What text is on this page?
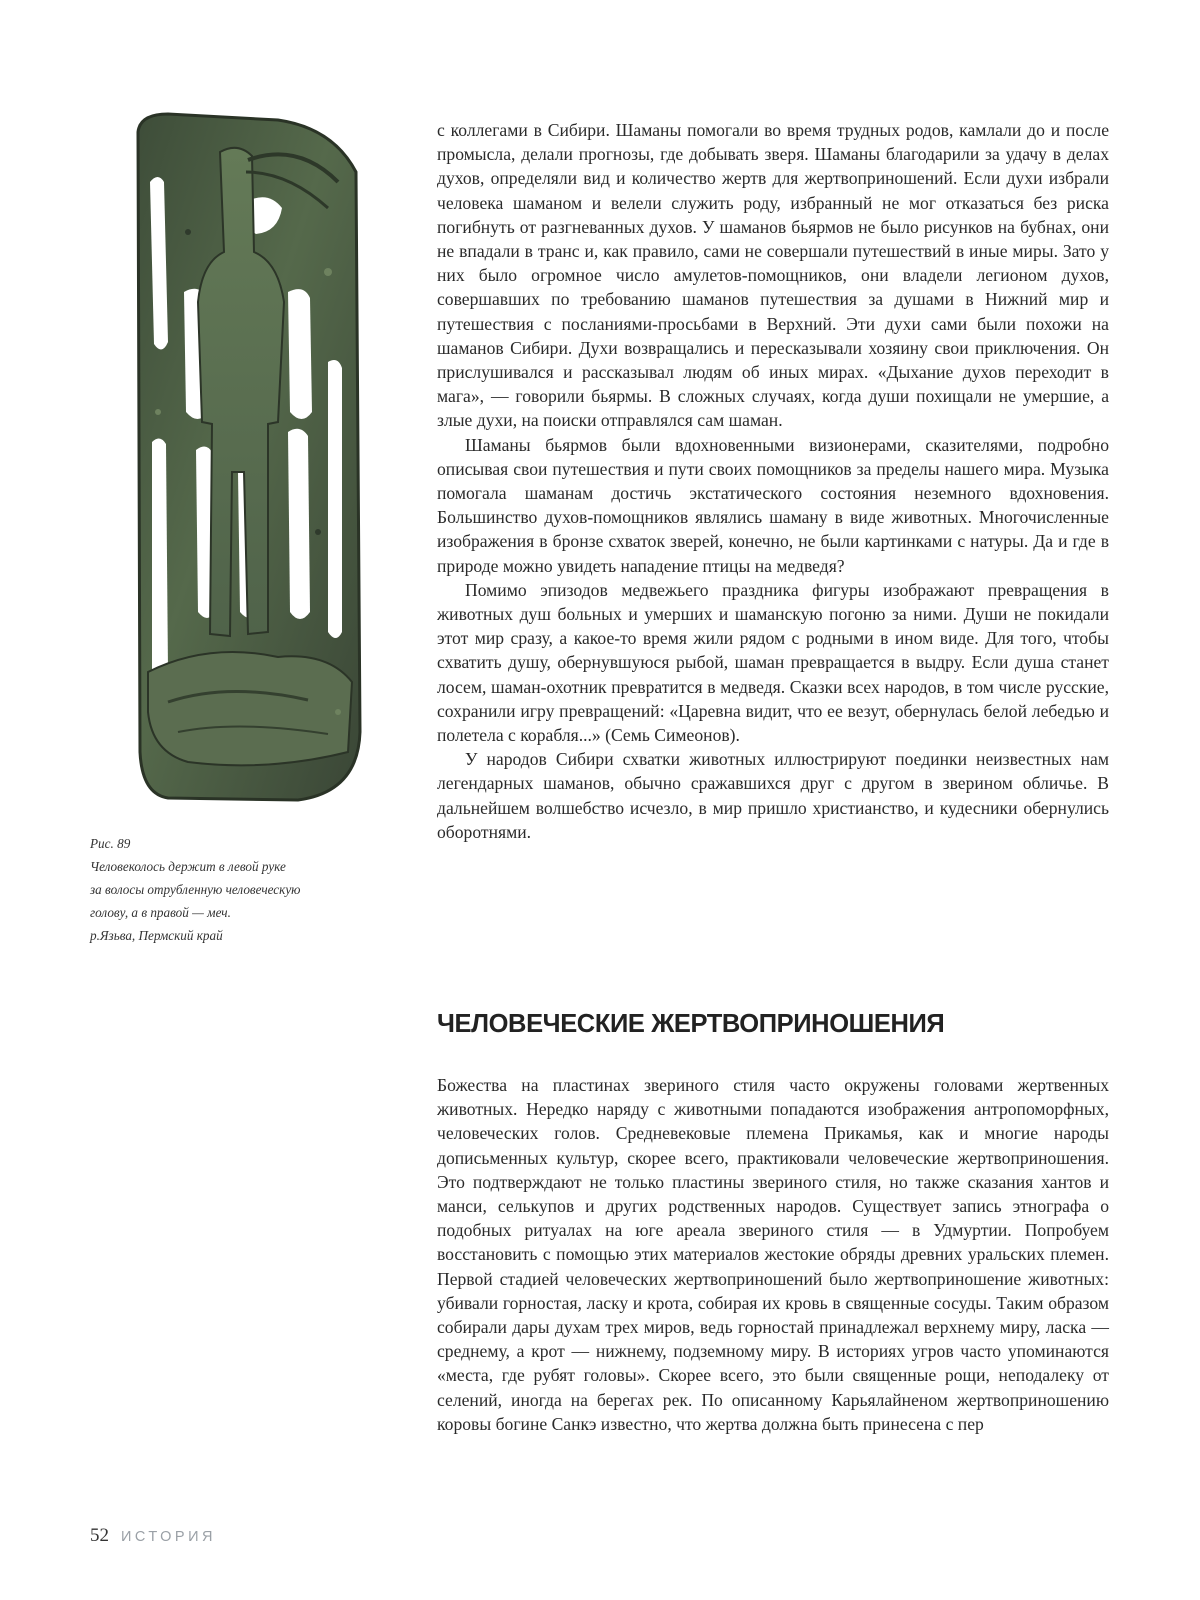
Рис. 89
Человеколось держит в левой руке
за волосы отрубленную человеческую
голову, а в правой — меч.
р.Язьва, Пермский край

с коллегами в Сибири. Шаманы помогали во время трудных родов, камлали до и после промысла, делали прогнозы, где добывать зверя. Шаманы благодарили за удачу в делах духов, определяли вид и количество жертв для жертвоприношений. Если духи избрали человека шаманом и велели служить роду, избранный не мог отказаться без риска погибнуть от разгневанных духов. У шаманов бьярмов не было рисунков на бубнах, они не впадали в транс и, как правило, сами не совершали путешествий в иные миры. Зато у них было огромное число амулетов-помощников, они владели легионом духов, совершавших по требованию шаманов путешествия за душами в Нижний мир и путешествия с посланиями-просьбами в Верхний. Эти духи сами были похожи на шаманов Сибири. Духи возвращались и пересказывали хозяину свои приключения. Он прислушивался и рассказывал людям об иных мирах. «Дыхание духов переходит в мага», — говорили бьярмы. В сложных случаях, когда души похищали не умершие, а злые духи, на поиски отправлялся сам шаман.

Шаманы бьярмов были вдохновенными визионерами, сказителями, подробно описывая свои путешествия и пути своих помощников за пределы нашего мира. Музыка помогала шаманам достичь экстатического состояния неземного вдохновения. Большинство духов-помощников являлись шаману в виде животных. Многочисленные изображения в бронзе схваток зверей, конечно, не были картинками с натуры. Да и где в природе можно увидеть нападение птицы на медведя?

Помимо эпизодов медвежьего праздника фигуры изображают превращения в животных душ больных и умерших и шаманскую погоню за ними. Души не покидали этот мир сразу, а какое-то время жили рядом с родными в ином виде. Для того, чтобы схватить душу, обернувшуюся рыбой, шаман превращается в выдру. Если душа станет лосем, шаман-охотник превратится в медведя. Сказки всех народов, в том числе русские, сохранили игру превращений: «Царевна видит, что ее везут, обернулась белой лебедью и полетела с корабля...» (Семь Симеонов).

У народов Сибири схватки животных иллюстрируют поединки неизвестных нам легендарных шаманов, обычно сражавшихся друг с другом в зверином обличье. В дальнейшем волшебство исчезло, в мир пришло христианство, и кудесники обернулись оборотнями.

ЧЕЛОВЕЧЕСКИЕ ЖЕРТВОПРИНОШЕНИЯ

Божества на пластинах звериного стиля часто окружены головами жертвенных животных. Нередко наряду с животными попадаются изображения антропоморфных, человеческих голов. Средневековые племена Прикамья, как и многие народы дописьменных культур, скорее всего, практиковали человеческие жертвоприношения. Это подтверждают не только пластины звериного стиля, но также сказания хантов и манси, селькупов и других родственных народов. Существует запись этнографа о подобных ритуалах на юге ареала звериного стиля — в Удмуртии. Попробуем восстановить с помощью этих материалов жестокие обряды древних уральских племен. Первой стадией человеческих жертвоприношений было жертвоприношение животных: убивали горностая, ласку и крота, собирая их кровь в священные сосуды. Таким образом собирали дары духам трех миров, ведь горностай принадлежал верхнему миру, ласка — среднему, а крот — нижнему, подземному миру. В историях угров часто упоминаются «места, где рубят головы». Скорее всего, это были священные рощи, неподалеку от селений, иногда на берегах рек. По описанному Карьялайненом жертвоприношению коровы богине Санкэ известно, что жертва должна быть принесена с пер

52 ИСТОРИЯ
